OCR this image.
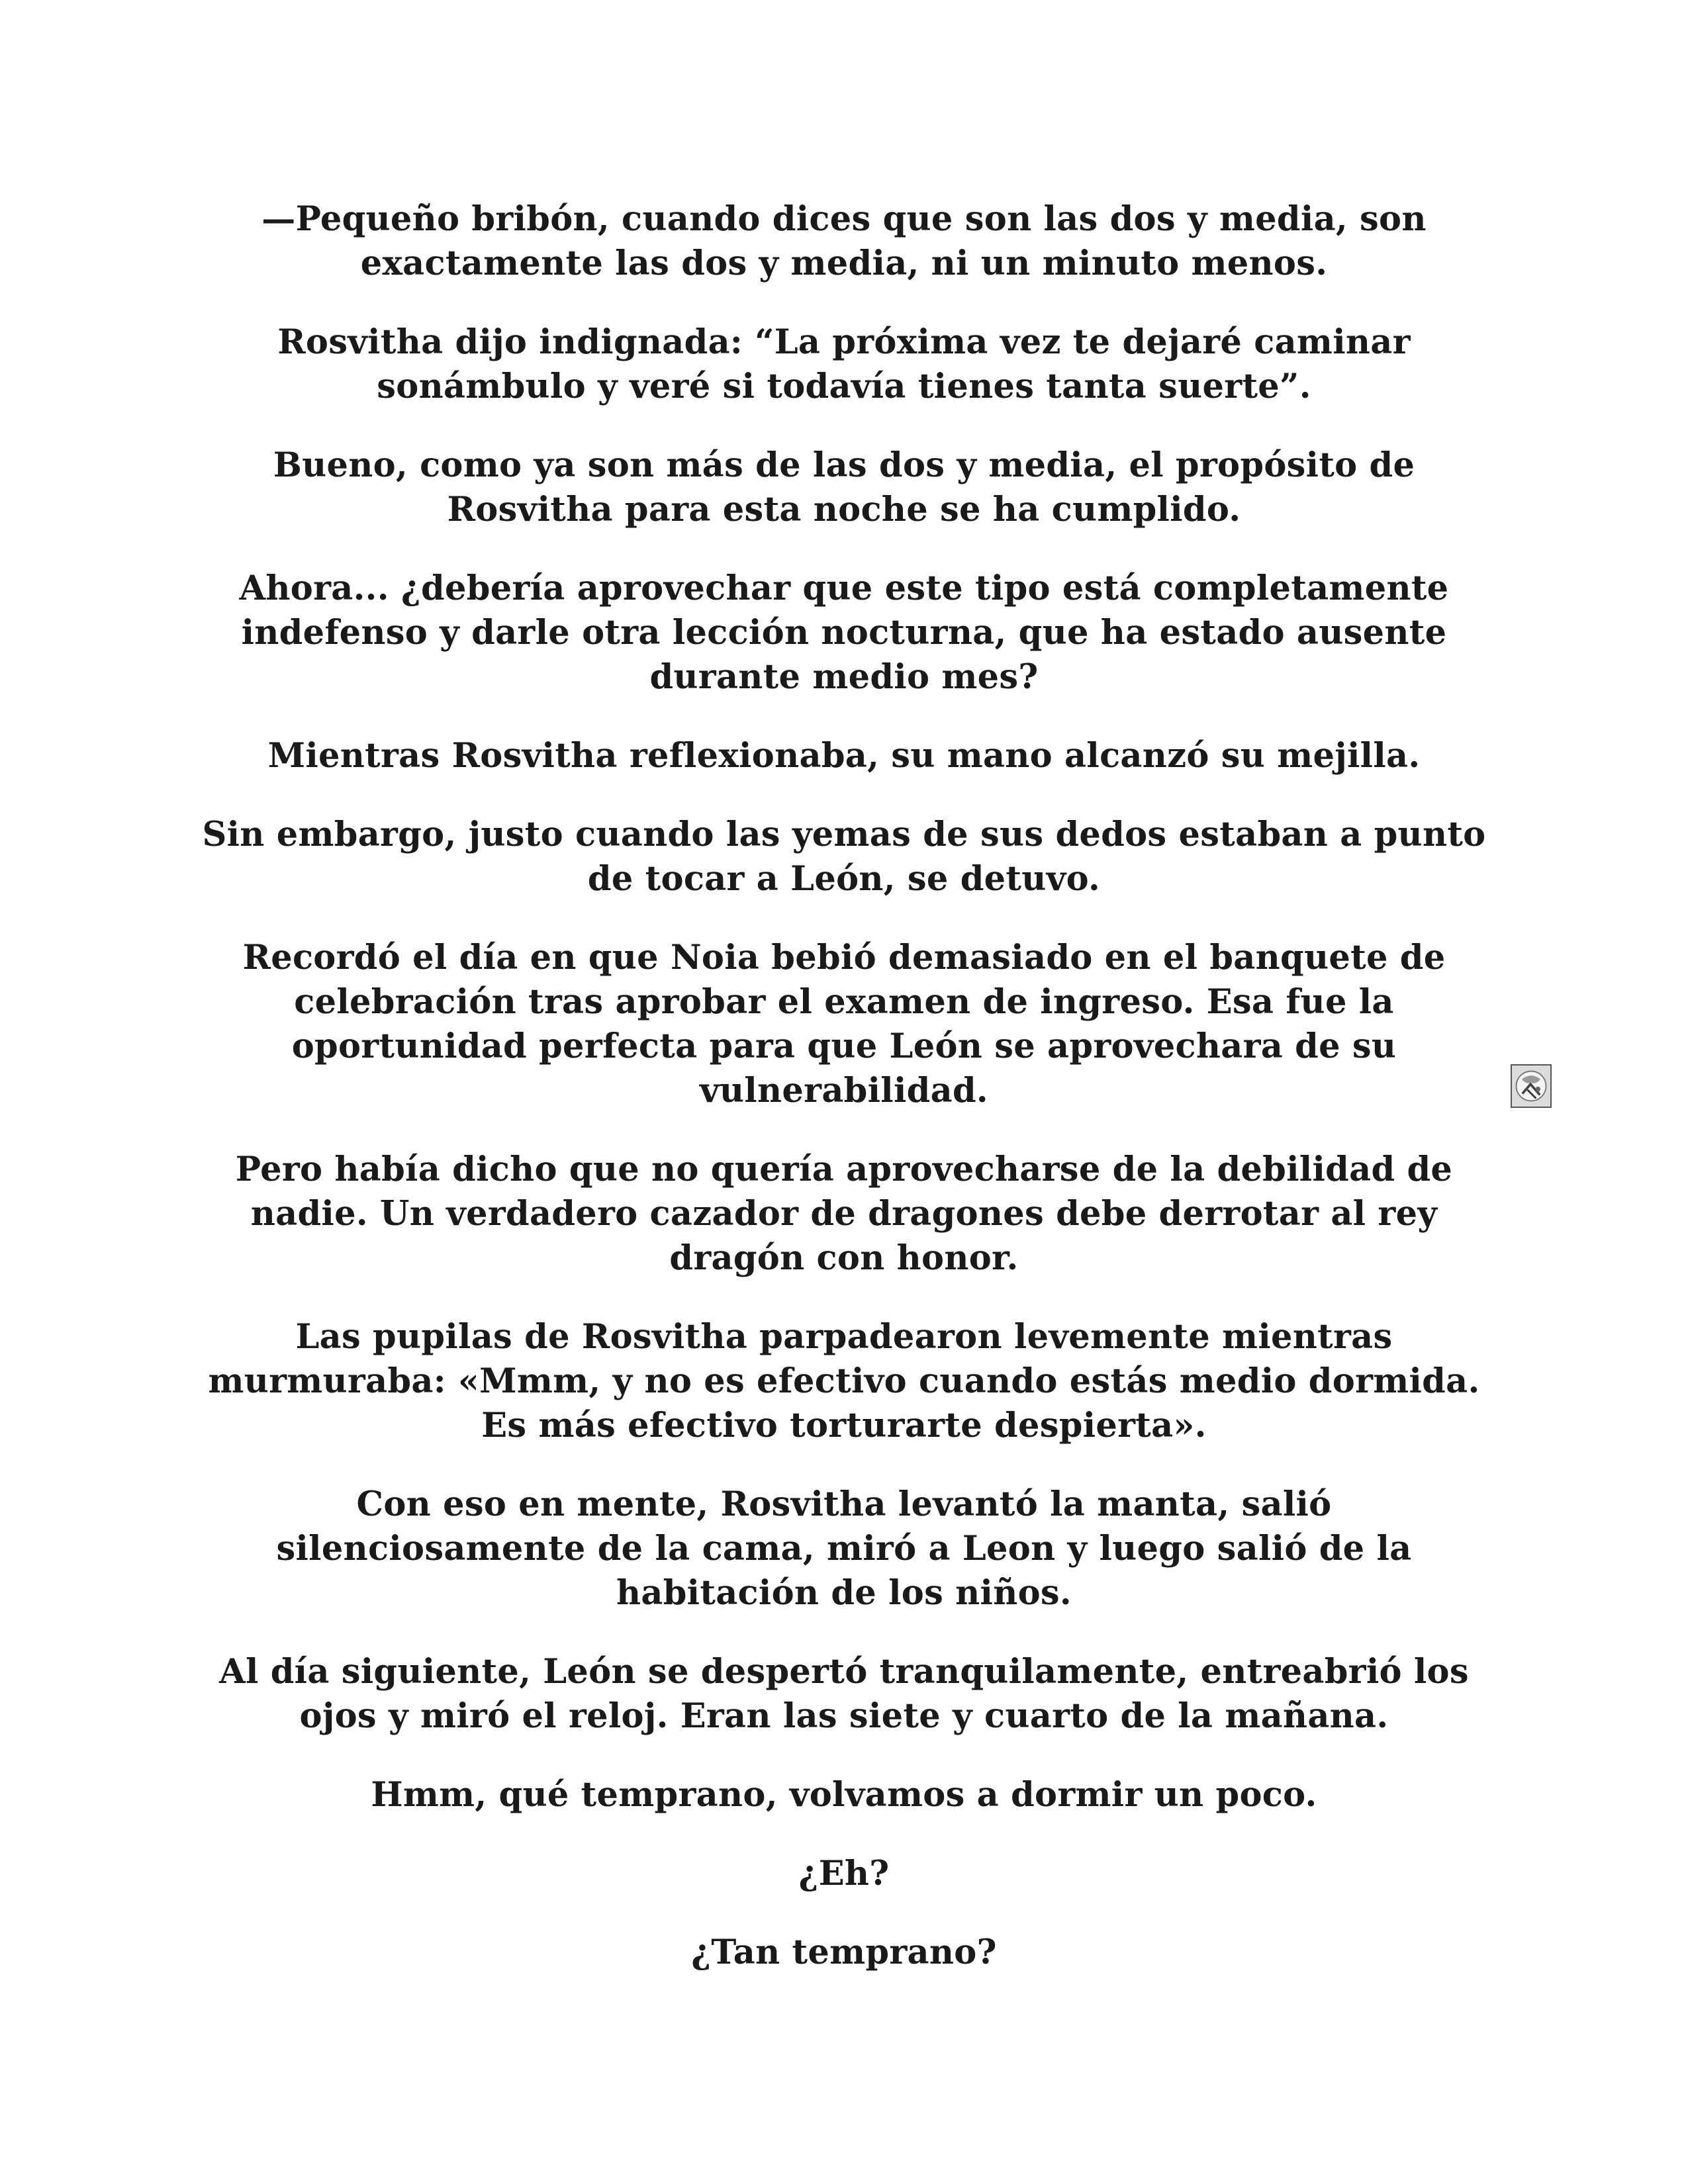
—Pequeño bribón, cuando dices que son las dos y media, son exactamente las dos y media, ni un minuto menos.

Rosvitha dijo indignada: “La próxima vez te dejaré caminar sonámbulo y veré si todavía tienes tanta suerte”.

Bueno, como ya son más de las dos y media, el propósito de Rosvitha para esta noche se ha cumplido.

Ahora... ¿debería aprovechar que este tipo está completamente indefenso y darle otra lección nocturna, que ha estado ausente durante medio mes?

Mientras Rosvitha reflexionaba, su mano alcanzó su mejilla.

Sin embargo, justo cuando las yemas de sus dedos estaban a punto de tocar a León, se detuvo.

Recordó el día en que Noia bebió demasiado en el banquete de celebración tras aprobar el examen de ingreso. Esa fue la oportunidad perfecta para que León se aprovechara de su vulnerabilidad.

Pero había dicho que no quería aprovecharse de la debilidad de nadie. Un verdadero cazador de dragones debe derrotar al rey dragón con honor.

Las pupilas de Rosvitha parpadearon levemente mientras murmuraba: «Mmm, y no es efectivo cuando estás medio dormida. Es más efectivo torturarte despierta».

Con eso en mente, Rosvitha levantó la manta, salió silenciosamente de la cama, miró a Leon y luego salió de la habitación de los niños.

Al día siguiente, León se despertó tranquilamente, entreabrió los ojos y miró el reloj. Eran las siete y cuarto de la mañana.

Hmm, qué temprano, volvamos a dormir un poco.

¿Eh?

¿Tan temprano?
